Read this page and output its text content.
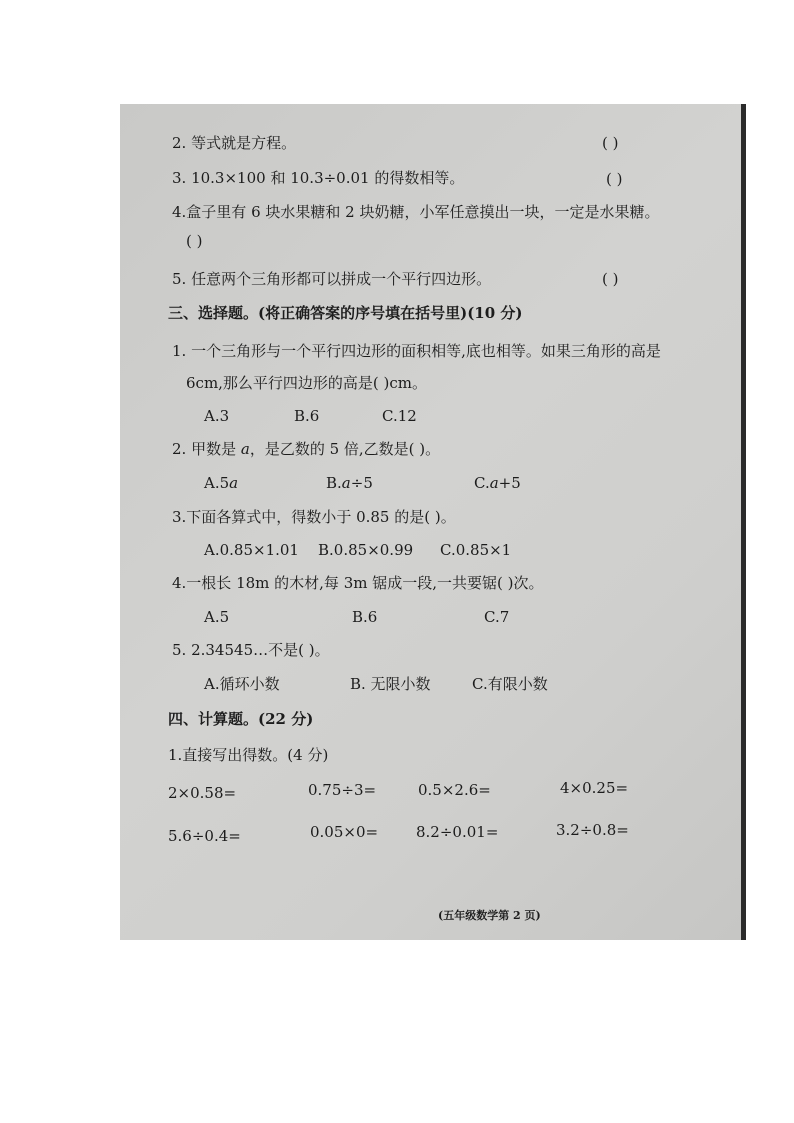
2. 等式就是方程。	( )
3. 10.3×100 和 10.3÷0.01 的得数相等。	( )
4.盒子里有 6 块水果糖和 2 块奶糖，小军任意摸出一块，一定是水果糖。
( )
5. 任意两个三角形都可以拼成一个平行四边形。	( )
三、选择题。(将正确答案的序号填在括号里)(10 分)
1. 一个三角形与一个平行四边形的面积相等,底也相等。如果三角形的高是
6cm,那么平行四边形的高是( )cm。
A.3	B.6	C.12
2. 甲数是 a，是乙数的 5 倍,乙数是( )。
A.5a	B.a÷5	C.a+5
3.下面各算式中，得数小于 0.85 的是( )。
A.0.85×1.01 B.0.85×0.99 C.0.85×1
4.一根长 18m 的木材,每 3m 锯成一段,一共要锯( )次。
A.5	B.6	C.7
5. 2.34545…不是( )。
A.循环小数	B. 无限小数	C.有限小数
四、计算题。(22 分)
1.直接写出得数。(4 分)
2×0.58=	0.75÷3=	0.5×2.6=	4×0.25=
5.6÷0.4=	0.05×0=	8.2÷0.01=	3.2÷0.8=
(五年级数学第 2 页)
